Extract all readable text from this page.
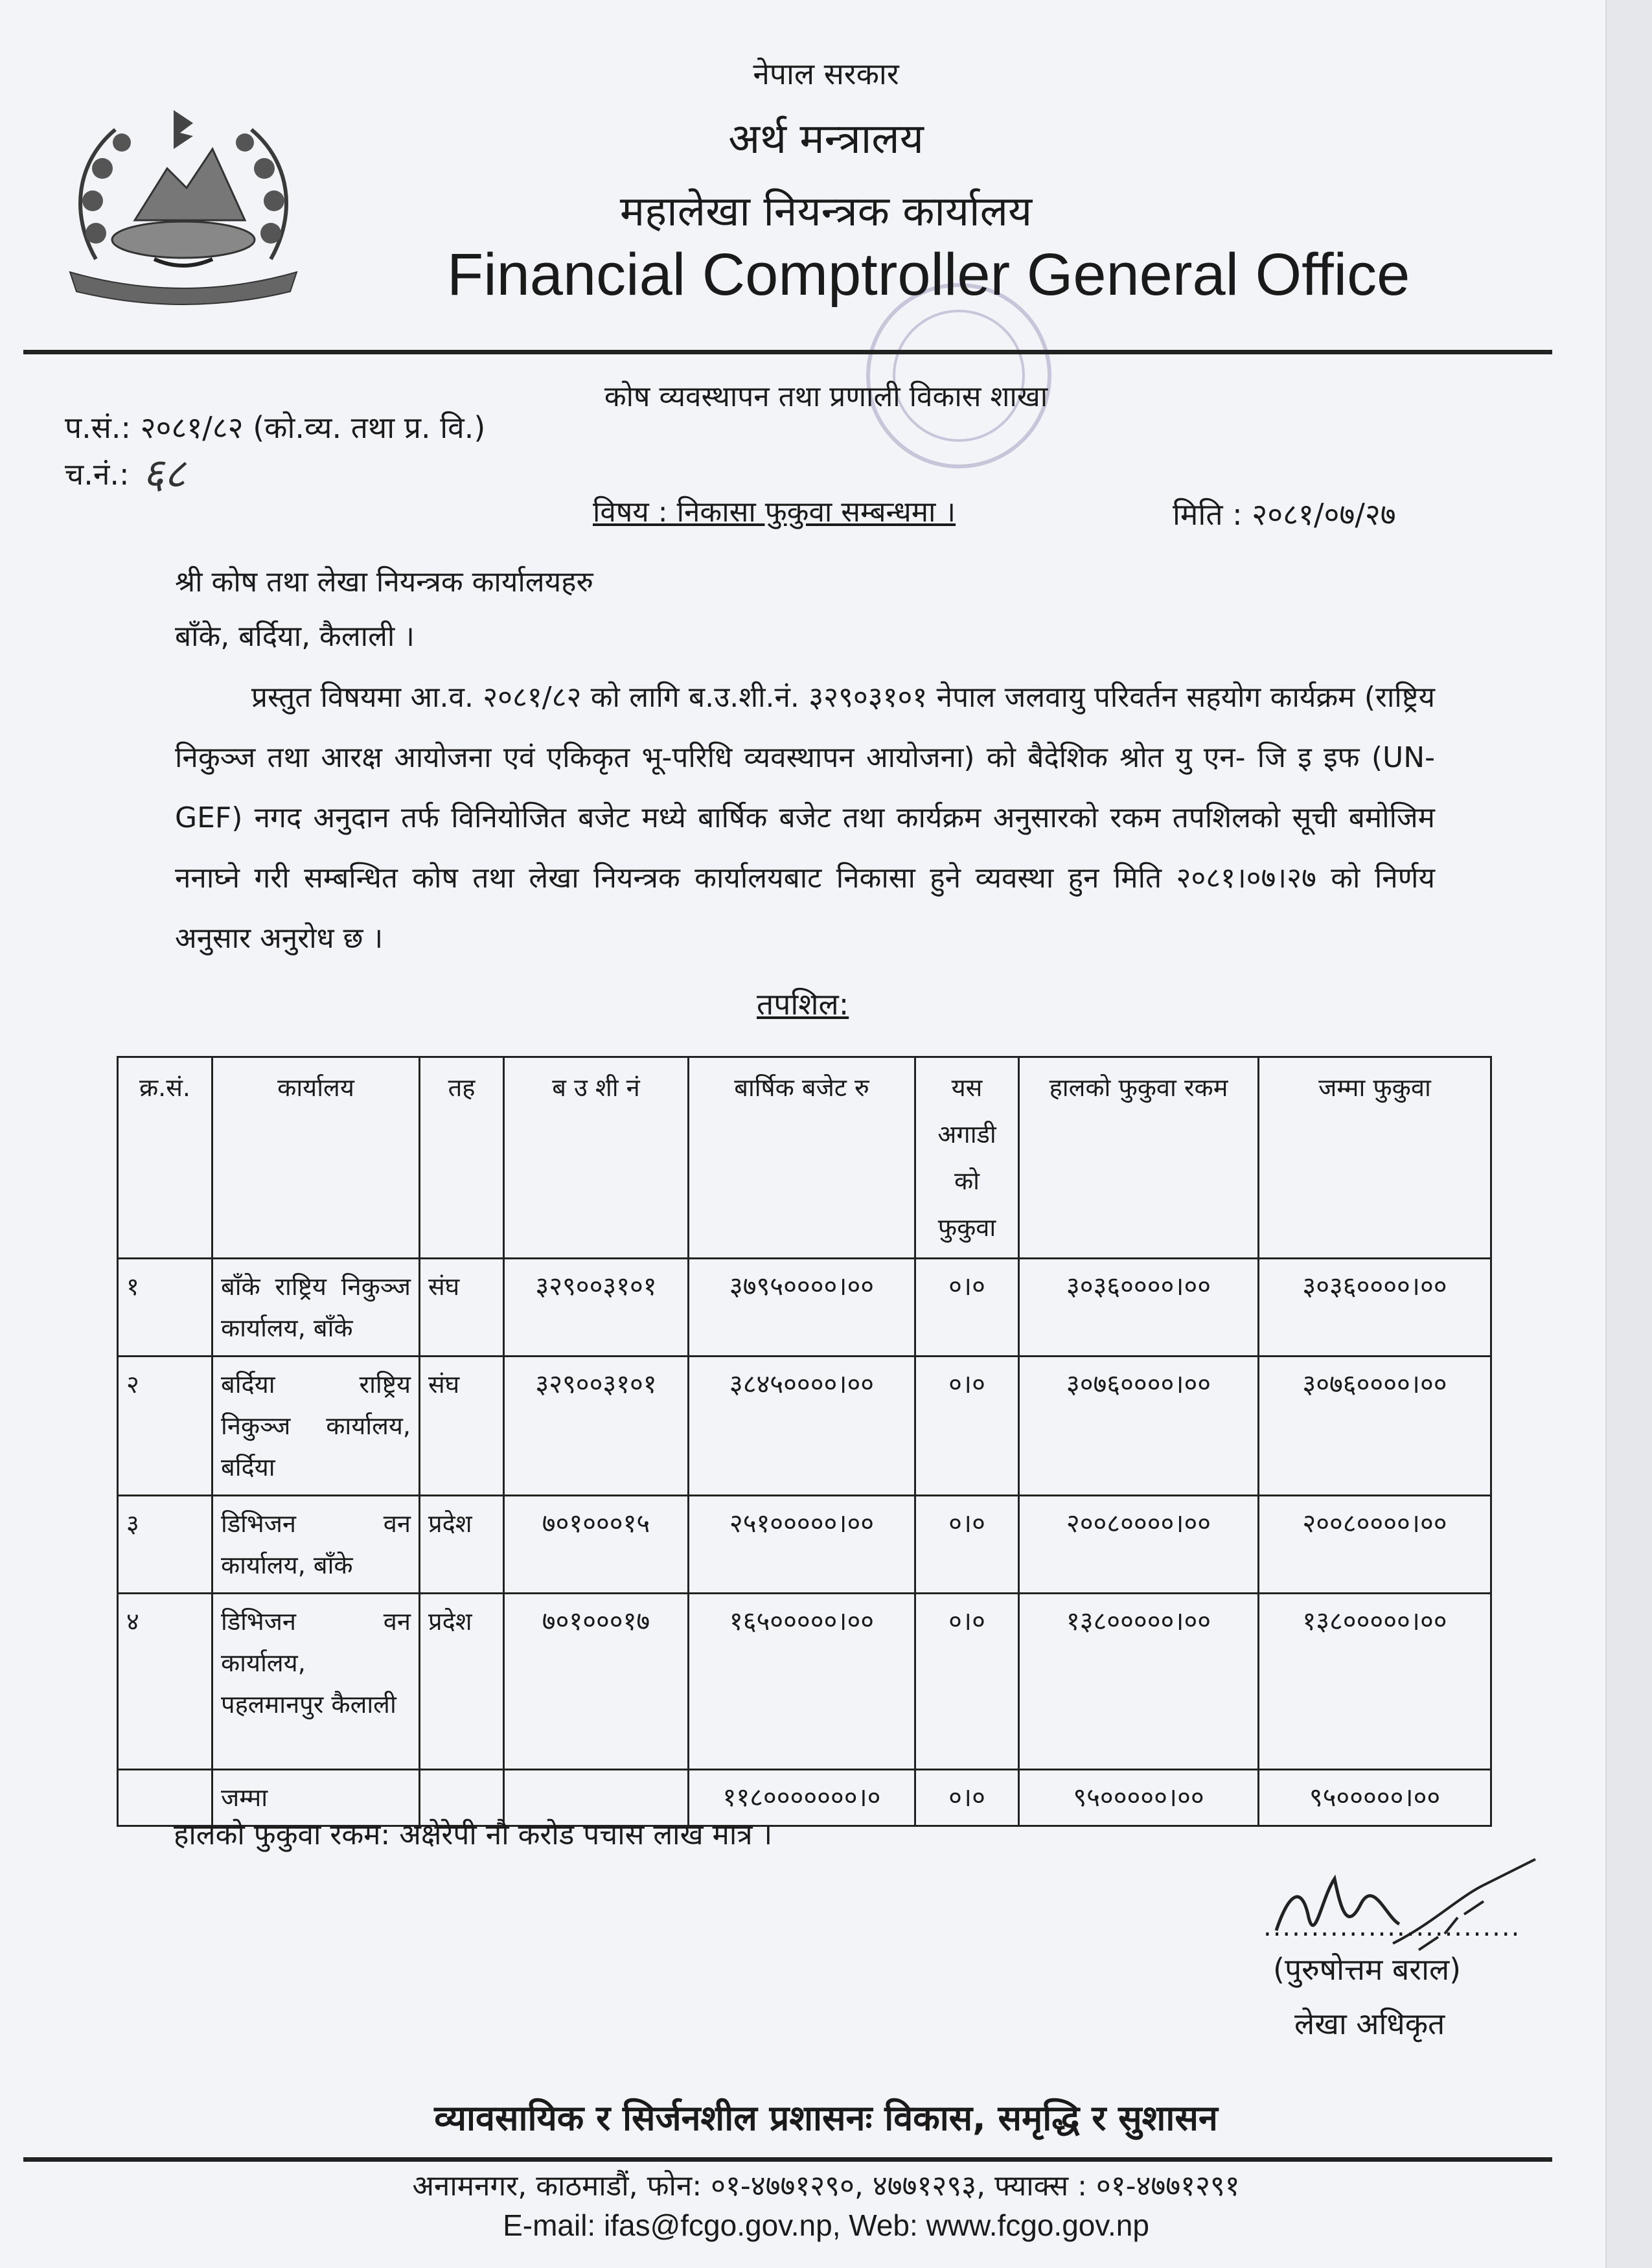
नेपाल सरकार
अर्थ मन्त्रालय
महालेखा नियन्त्रक कार्यालय
Financial Comptroller General Office
कोष व्यवस्थापन तथा प्रणाली विकास शाखा
प.सं.: २०८१/८२ (को.व्य. तथा प्र. वि.)
च.नं.: ६८
विषय : निकासा फुकुवा सम्बन्धमा ।	मिति : २०८१/०७/२७
श्री कोष तथा लेखा नियन्त्रक कार्यालयहरु
बाँके, बर्दिया, कैलाली ।
प्रस्तुत विषयमा आ.व. २०८१/८२ को लागि ब.उ.शी.नं. ३२९०३१०१ नेपाल जलवायु परिवर्तन सहयोग कार्यक्रम (राष्ट्रिय निकुञ्ज तथा आरक्ष आयोजना एवं एकिकृत भू-परिधि व्यवस्थापन आयोजना) को बैदेशिक श्रोत यु एन- जि इ इफ (UN-GEF) नगद अनुदान तर्फ विनियोजित बजेट मध्ये बार्षिक बजेट तथा कार्यक्रम अनुसारको रकम तपशिलको सूची बमोजिम ननाघ्ने गरी सम्बन्धित कोष तथा लेखा नियन्त्रक कार्यालयबाट निकासा हुने व्यवस्था हुन मिति २०८१।०७।२७ को निर्णय अनुसार अनुरोध छ ।
तपशिल:
क्र.सं.	कार्यालय	तह	ब उ शी नं	बार्षिक बजेट रु	यस अगाडी को फुकुवा	हालको फुकुवा रकम	जम्मा फुकुवा
१	बाँके राष्ट्रिय निकुञ्ज कार्यालय, बाँके	संघ	३२९००३१०१	३७९५००००।००	०।०	३०३६००००।००	३०३६००००।००
२	बर्दिया राष्ट्रिय निकुञ्ज कार्यालय, बर्दिया	संघ	३२९००३१०१	३८४५००००।००	०।०	३०७६००००।००	३०७६००००।००
३	डिभिजन वन कार्यालय, बाँके	प्रदेश	७०१०००१५	२५१०००००।००	०।०	२००८००००।००	२००८००००।००
४	डिभिजन वन कार्यालय, पहलमानपुर कैलाली	प्रदेश	७०१०००१७	१६५०००००।००	०।०	१३८०००००।००	१३८०००००।००
	जम्मा			११८०००००००।०	०।०	९५०००००।००	९५०००००।००
हालको फुकुवा रकम: अक्षेरेपी नौ करोड पचास लाख मात्र ।
...........................
(पुरुषोत्तम बराल)
लेखा अधिकृत
व्यावसायिक र सिर्जनशील प्रशासनः विकास, समृद्धि र सुशासन
अनामनगर, काठमाडौं, फोन: ०१-४७७१२९०, ४७७१२९३, फ्याक्स : ०१-४७७१२९१
E-mail: ifas@fcgo.gov.np, Web: www.fcgo.gov.np
